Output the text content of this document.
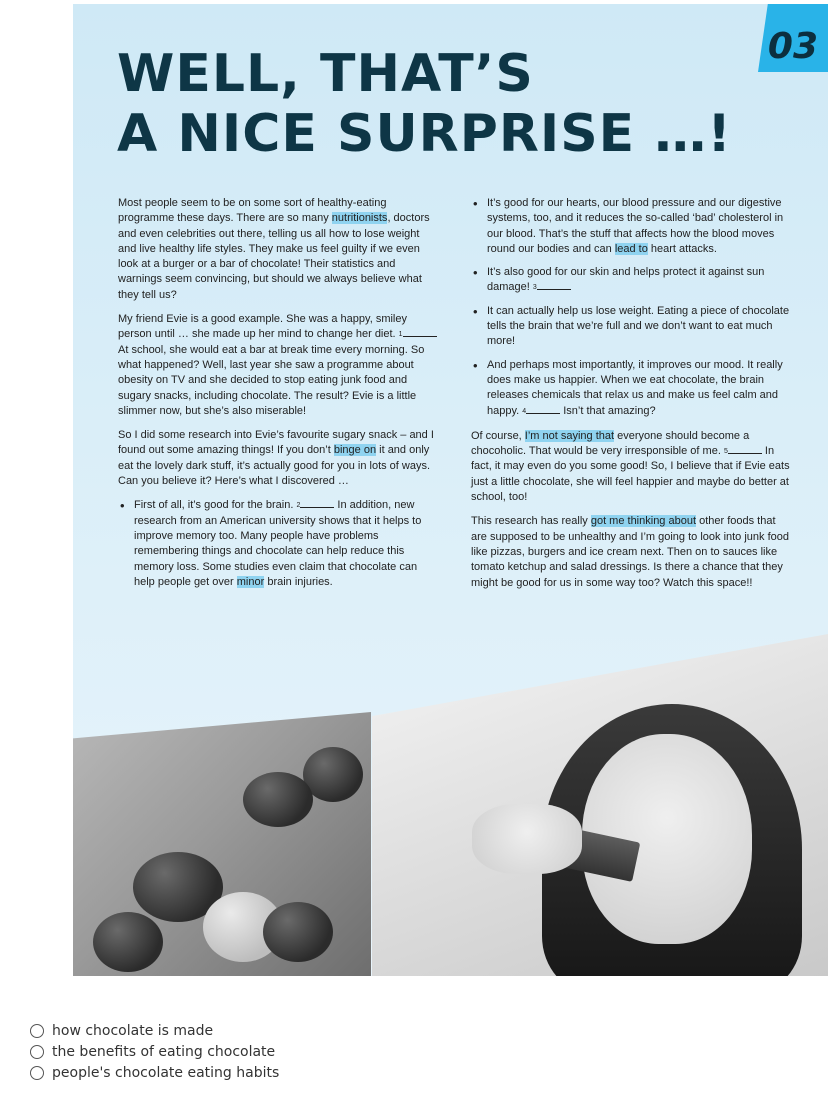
03
WELL, THAT’S
A NICE SURPRISE …!

Most people seem to be on some sort of healthy-eating programme these days. There are so many nutritionists, doctors and even celebrities out there, telling us all how to lose weight and live healthy life styles. They make us feel guilty if we even look at a burger or a bar of chocolate! Their statistics and warnings seem convincing, but should we always believe what they tell us?

My friend Evie is a good example. She was a happy, smiley person until … she made up her mind to change her diet. $^1$ At school, she would eat a bar at break time every morning. So what happened? Well, last year she saw a programme about obesity on TV and she decided to stop eating junk food and sugary snacks, including chocolate. The result? Evie is a little slimmer now, but she’s also miserable!

So I did some research into Evie’s favourite sugary snack – and I found out some amazing things! If you don’t binge on it and only eat the lovely dark stuff, it’s actually good for you in lots of ways. Can you believe it? Here’s what I discovered …

• First of all, it’s good for the brain. $^2$	In addition, new research from an American university shows that it helps to improve memory too. Many people have problems remembering things and chocolate can help reduce this memory loss. Some studies even claim that chocolate can help people get over minor brain injuries.
• It’s good for our hearts, our blood pressure and our digestive systems, too, and it reduces the so-called ‘bad’ cholesterol in our blood. That’s the stuff that affects how the blood moves round our bodies and can lead to heart attacks.
• It’s also good for our skin and helps protect it against sun damage! $^3$
• It can actually help us lose weight. Eating a piece of chocolate tells the brain that we’re full and we don’t want to eat much more!
• And perhaps most importantly, it improves our mood. It really does make us happier. When we eat chocolate, the brain releases chemicals that relax us and make us feel calm and happy. $^4$	Isn’t that amazing?

Of course, I’m not saying that everyone should become a chocoholic. That would be very irresponsible of me. $^5$	In fact, it may even do you some good! So, I believe that if Evie eats just a little chocolate, she will feel happier and maybe do better at school, too!

This research has really got me thinking about other foods that are supposed to be unhealthy and I’m going to look into junk food like pizzas, burgers and ice cream next. Then on to sauces like tomato ketchup and salad dressings. Is there a chance that they might be good for us in some way too? Watch this space!!

how chocolate is made
the benefits of eating chocolate
people's chocolate eating habits
